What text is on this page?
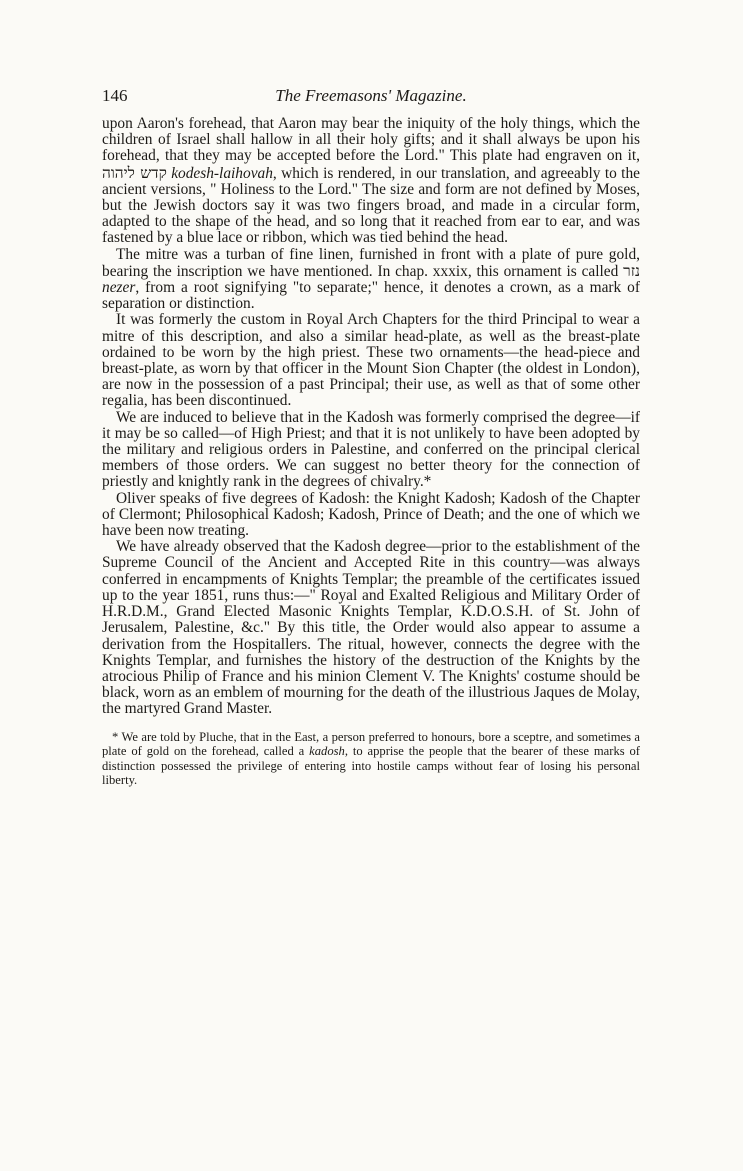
146	The Freemasons' Magazine.

upon Aaron's forehead, that Aaron may bear the iniquity of the holy things, which the children of Israel shall hallow in all their holy gifts; and it shall always be upon his forehead, that they may be accepted before the Lord." This plate had engraven on it, קדש ליהוה kodesh-laihovah, which is rendered, in our translation, and agreeably to the ancient versions, " Holiness to the Lord." The size and form are not defined by Moses, but the Jewish doctors say it was two fingers broad, and made in a circular form, adapted to the shape of the head, and so long that it reached from ear to ear, and was fastened by a blue lace or ribbon, which was tied behind the head.

The mitre was a turban of fine linen, furnished in front with a plate of pure gold, bearing the inscription we have mentioned. In chap. xxxix, this ornament is called נזר nezer, from a root signifying "to separate;" hence, it denotes a crown, as a mark of separation or distinction.

It was formerly the custom in Royal Arch Chapters for the third Principal to wear a mitre of this description, and also a similar head-plate, as well as the breast-plate ordained to be worn by the high priest. These two ornaments—the head-piece and breast-plate, as worn by that officer in the Mount Sion Chapter (the oldest in London), are now in the possession of a past Principal; their use, as well as that of some other regalia, has been discontinued.

We are induced to believe that in the Kadosh was formerly comprised the degree—if it may be so called—of High Priest; and that it is not unlikely to have been adopted by the military and religious orders in Palestine, and conferred on the principal clerical members of those orders. We can suggest no better theory for the connection of priestly and knightly rank in the degrees of chivalry.*

Oliver speaks of five degrees of Kadosh: the Knight Kadosh; Kadosh of the Chapter of Clermont; Philosophical Kadosh; Kadosh, Prince of Death; and the one of which we have been now treating.

We have already observed that the Kadosh degree—prior to the establishment of the Supreme Council of the Ancient and Accepted Rite in this country—was always conferred in encampments of Knights Templar; the preamble of the certificates issued up to the year 1851, runs thus:—" Royal and Exalted Religious and Military Order of H.R.D.M., Grand Elected Masonic Knights Templar, K.D.O.S.H. of St. John of Jerusalem, Palestine, &c." By this title, the Order would also appear to assume a derivation from the Hospitallers. The ritual, however, connects the degree with the Knights Templar, and furnishes the history of the destruction of the Knights by the atrocious Philip of France and his minion Clement V. The Knights' costume should be black, worn as an emblem of mourning for the death of the illustrious Jaques de Molay, the martyred Grand Master.

* We are told by Pluche, that in the East, a person preferred to honours, bore a sceptre, and sometimes a plate of gold on the forehead, called a kadosh, to apprise the people that the bearer of these marks of distinction possessed the privilege of entering into hostile camps without fear of losing his personal liberty.
